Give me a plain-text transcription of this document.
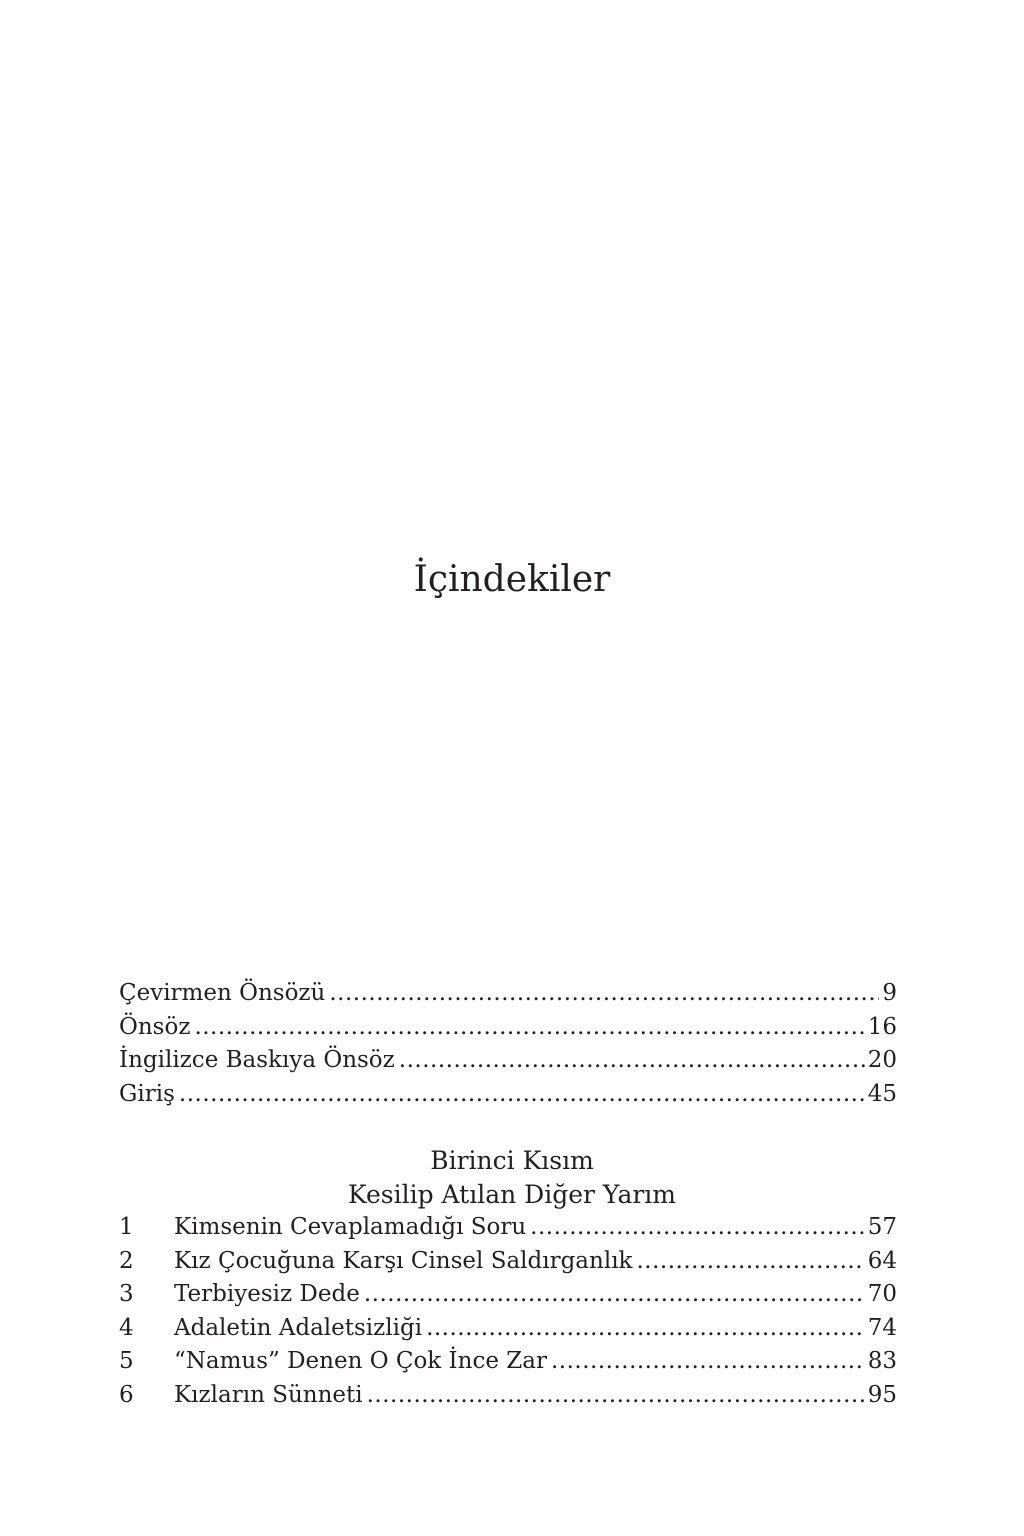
İçindekiler
Çevirmen Önsözü .....	9
Önsöz .....	16
İngilizce Baskıya Önsöz .....	20
Giriş .....	45
Birinci Kısım
Kesilip Atılan Diğer Yarım
1	Kimsenin Cevaplamadığı Soru .....	57
2	Kız Çocuğuna Karşı Cinsel Saldırganlık .....	64
3	Terbiyesiz Dede .....	70
4	Adaletin Adaletsizliği .....	74
5	“Namus” Denen O Çok İnce Zar .....	83
6	Kızların Sünneti .....	95
